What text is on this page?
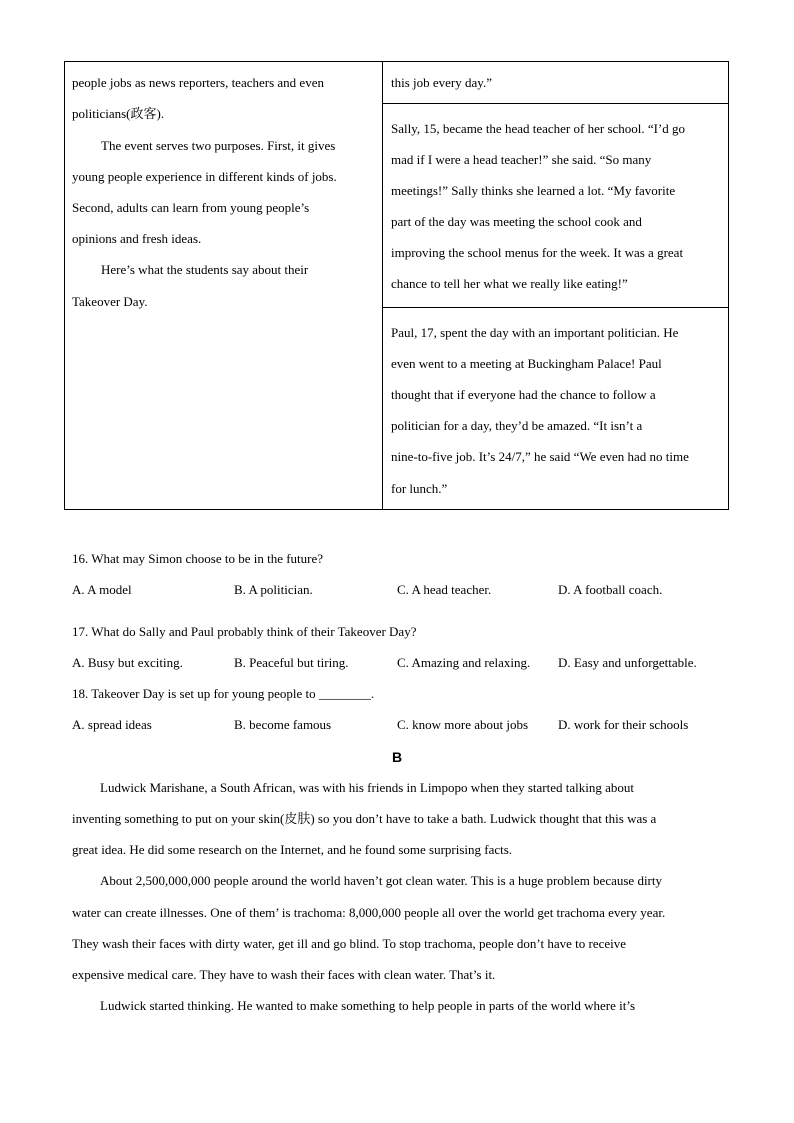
people jobs as news reporters, teachers and even
politicians(政客).
The event serves two purposes. First, it gives
young people experience in different kinds of jobs.
Second, adults can learn from young people’s
opinions and fresh ideas.
Here’s what the students say about their
Takeover Day.
this job every day.”
Sally, 15, became the head teacher of her school. “I’d go
mad if I were a head teacher!” she said. “So many
meetings!” Sally thinks she learned a lot. “My favorite
part of the day was meeting the school cook and
improving the school menus for the week. It was a great
chance to tell her what we really like eating!”
Paul, 17, spent the day with an important politician. He
even went to a meeting at Buckingham Palace! Paul
thought that if everyone had the chance to follow a
politician for a day, they’d be amazed. “It isn’t a
nine-to-five job. It’s 24/7,” he said “We even had no time
for lunch.”
16. What may Simon choose to be in the future?
A. A model	B. A politician.	C. A head teacher.	D. A football coach.
17. What do Sally and Paul probably think of their Takeover Day?
A. Busy but exciting.	B. Peaceful but tiring.	C. Amazing and relaxing. D. Easy and unforgettable.
18. Takeover Day is set up for young people to ________.
A. spread ideas	B. become famous	C. know more about jobs D. work for their schools
B
Ludwick Marishane, a South African, was with his friends in Limpopo when they started talking about
inventing something to put on your skin(皮肤) so you don’t have to take a bath. Ludwick thought that this was a
great idea. He did some research on the Internet, and he found some surprising facts.
About 2,500,000,000 people around the world haven’t got clean water. This is a huge problem because dirty
water can create illnesses. One of them’ is trachoma: 8,000,000 people all over the world get trachoma every year.
They wash their faces with dirty water, get ill and go blind. To stop trachoma, people don’t have to receive
expensive medical care. They have to wash their faces with clean water. That’s it.
Ludwick started thinking. He wanted to make something to help people in parts of the world where it’s
